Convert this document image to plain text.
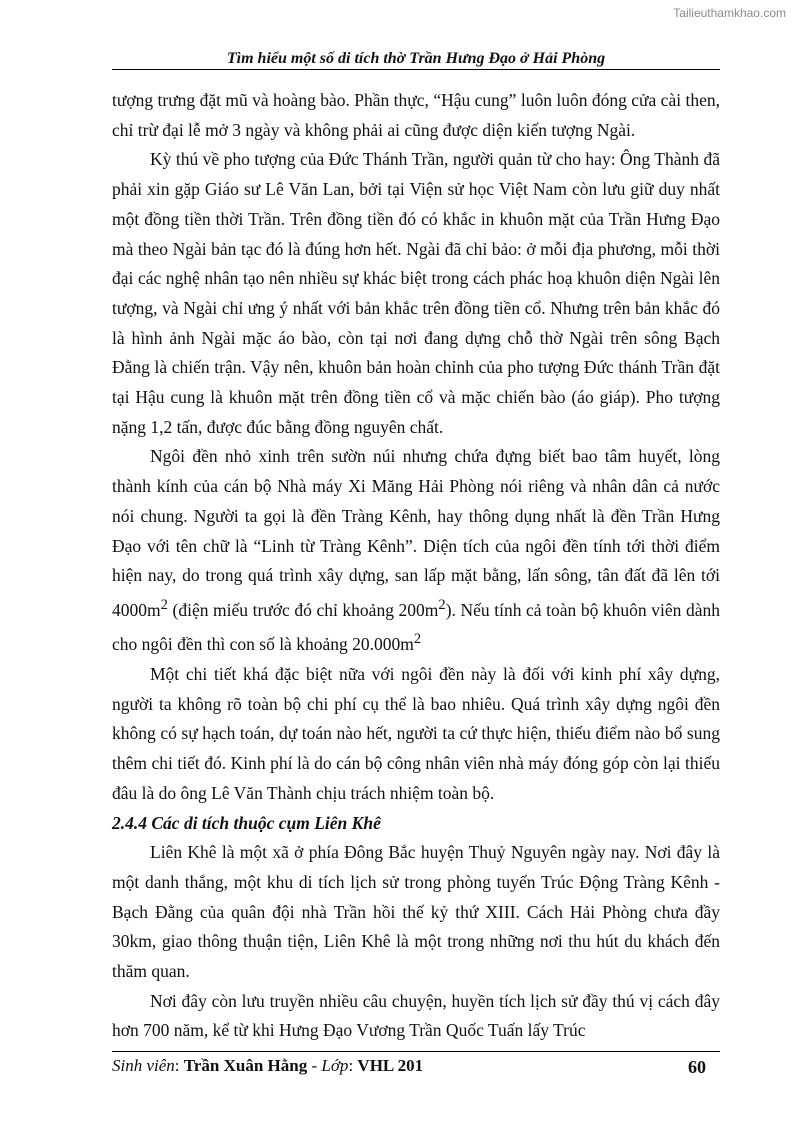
Tailieuthamkhao.com
Tìm hiểu một số di tích thờ Trần Hưng Đạo ở Hải Phòng

tượng trưng đặt mũ và hoàng bào. Phần thực, “Hậu cung” luôn luôn đóng cửa cài then, chỉ trừ đại lễ mở 3 ngày và không phải ai cũng được diện kiến tượng Ngài.

Kỳ thú về pho tượng của Đức Thánh Trần, người quản từ cho hay: Ông Thành đã phải xin gặp Giáo sư Lê Văn Lan, bởi tại Viện sử học Việt Nam còn lưu giữ duy nhất một đồng tiền thời Trần. Trên đồng tiền đó có khắc in khuôn mặt của Trần Hưng Đạo mà theo Ngài bản tạc đó là đúng hơn hết. Ngài đã chỉ bảo: ở mỗi địa phương, mỗi thời đại các nghệ nhân tạo nên nhiều sự khác biệt trong cách phác hoạ khuôn diện Ngài lên tượng, và Ngài chỉ ưng ý nhất với bản khắc trên đồng tiền cổ. Nhưng trên bản khắc đó là hình ảnh Ngài mặc áo bào, còn tại nơi đang dựng chỗ thờ Ngài trên sông Bạch Đằng là chiến trận. Vậy nên, khuôn bản hoàn chỉnh của pho tượng Đức thánh Trần đặt tại Hậu cung là khuôn mặt trên đồng tiền cổ và mặc chiến bào (áo giáp). Pho tượng nặng 1,2 tấn, được đúc bằng đồng nguyên chất.

Ngôi đền nhỏ xinh trên sườn núi nhưng chứa đựng biết bao tâm huyết, lòng thành kính của cán bộ Nhà máy Xi Măng Hải Phòng nói riêng và nhân dân cả nước nói chung. Người ta gọi là đền Tràng Kênh, hay thông dụng nhất là đền Trần Hưng Đạo với tên chữ là “Linh từ Tràng Kênh”. Diện tích của ngôi đền tính tới thời điểm hiện nay, do trong quá trình xây dựng, san lấp mặt bằng, lấn sông, tân đất đã lên tới $4000m^2$ (điện miếu trước đó chỉ khoảng $200m^2$). Nếu tính cả toàn bộ khuôn viên dành cho ngôi đền thì con số là khoảng $20.000m^2$

Một chi tiết khá đặc biệt nữa với ngôi đền này là đối với kinh phí xây dựng, người ta không rõ toàn bộ chi phí cụ thể là bao nhiêu. Quá trình xây dựng ngôi đền không có sự hạch toán, dự toán nào hết, người ta cứ thực hiện, thiếu điểm nào bổ sung thêm chi tiết đó. Kinh phí là do cán bộ công nhân viên nhà máy đóng góp còn lại thiếu đâu là do ông Lê Văn Thành chịu trách nhiệm toàn bộ.

2.4.4 Các di tích thuộc cụm Liên Khê

Liên Khê là một xã ở phía Đông Bắc huyện Thuỷ Nguyên ngày nay. Nơi đây là một danh thắng, một khu di tích lịch sử trong phòng tuyến Trúc Động Tràng Kênh - Bạch Đằng của quân đội nhà Trần hồi thế kỷ thứ XIII. Cách Hải Phòng chưa đầy 30km, giao thông thuận tiện, Liên Khê là một trong những nơi thu hút du khách đến thăm quan.

Nơi đây còn lưu truyền nhiều câu chuyện, huyền tích lịch sử đầy thú vị cách đây hơn 700 năm, kể từ khi Hưng Đạo Vương Trần Quốc Tuấn lấy Trúc

Sinh viên: Trần Xuân Hằng - Lớp: VHL 201	60
